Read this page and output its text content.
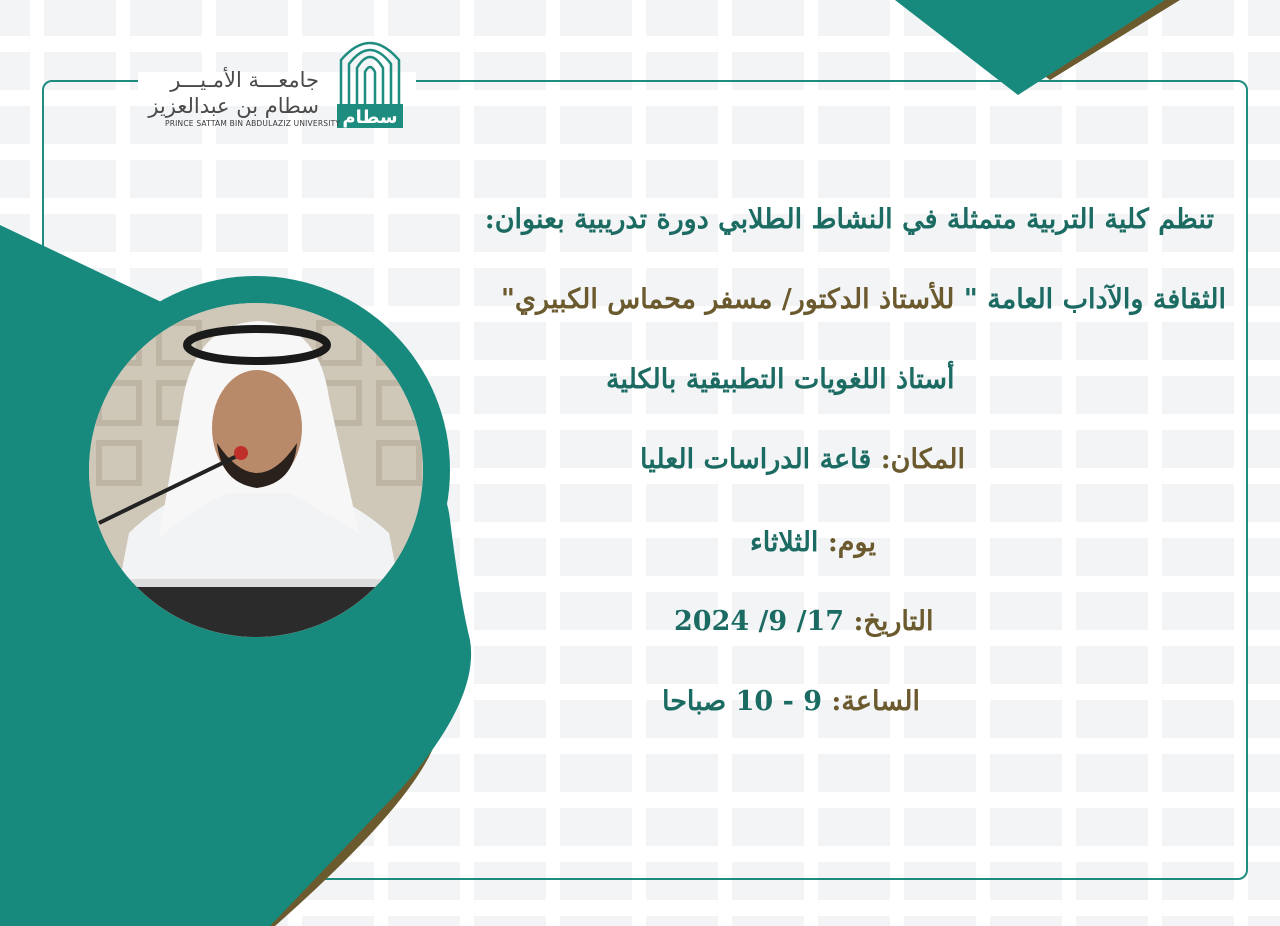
سطام
جامعـــة الأمـيـــر
سطام بن عبدالعزيز
PRINCE SATTAM BIN ABDULAZIZ UNIVERSITY
تنظم كلية التربية متمثلة في النشاط الطلابي دورة تدريبية بعنوان:
الثقافة والآداب العامة " للأستاذ الدكتور/ مسفر محماس الكبيري"
أستاذ اللغويات التطبيقية بالكلية
المكان: قاعة الدراسات العليا
يوم: الثلاثاء
التاريخ: 17/ 9/ 2024
الساعة: 9 - 10 صباحا
